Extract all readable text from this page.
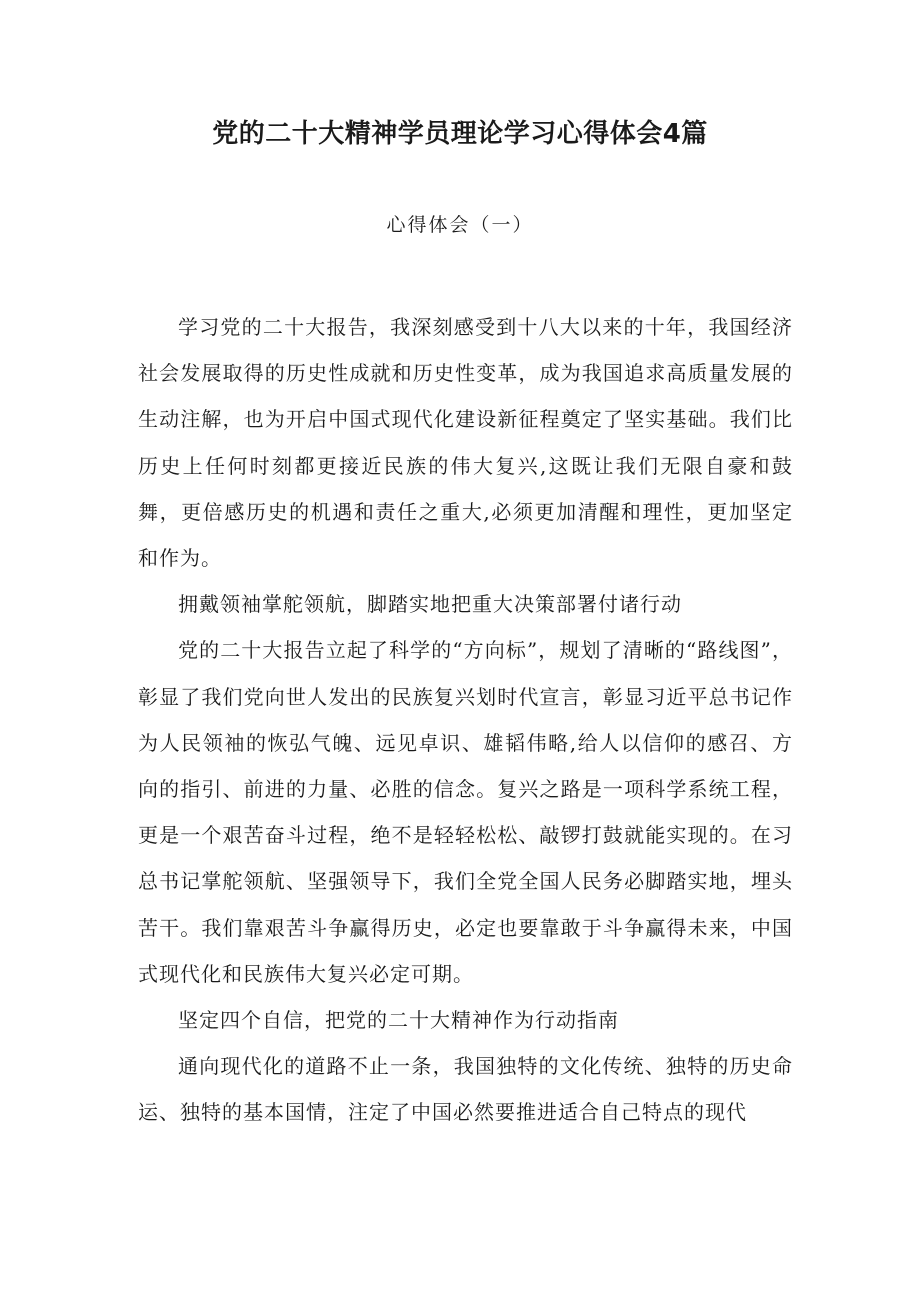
党的二十大精神学员理论学习心得体会4篇
心得体会（一）

学习党的二十大报告，我深刻感受到十八大以来的十年，我国经济社会发展取得的历史性成就和历史性变革，成为我国追求高质量发展的生动注解，也为开启中国式现代化建设新征程奠定了坚实基础。我们比历史上任何时刻都更接近民族的伟大复兴,这既让我们无限自豪和鼓舞，更倍感历史的机遇和责任之重大,必须更加清醒和理性，更加坚定和作为。

拥戴领袖掌舵领航，脚踏实地把重大决策部署付诸行动

党的二十大报告立起了科学的“方向标”，规划了清晰的“路线图”，彰显了我们党向世人发出的民族复兴划时代宣言，彰显习近平总书记作为人民领袖的恢弘气魄、远见卓识、雄韬伟略,给人以信仰的感召、方向的指引、前进的力量、必胜的信念。复兴之路是一项科学系统工程，更是一个艰苦奋斗过程，绝不是轻轻松松、敲锣打鼓就能实现的。在习总书记掌舵领航、坚强领导下，我们全党全国人民务必脚踏实地，埋头苦干。我们靠艰苦斗争赢得历史，必定也要靠敢于斗争赢得未来，中国式现代化和民族伟大复兴必定可期。

坚定四个自信，把党的二十大精神作为行动指南

通向现代化的道路不止一条，我国独特的文化传统、独特的历史命运、独特的基本国情，注定了中国必然要推进适合自己特点的现代
